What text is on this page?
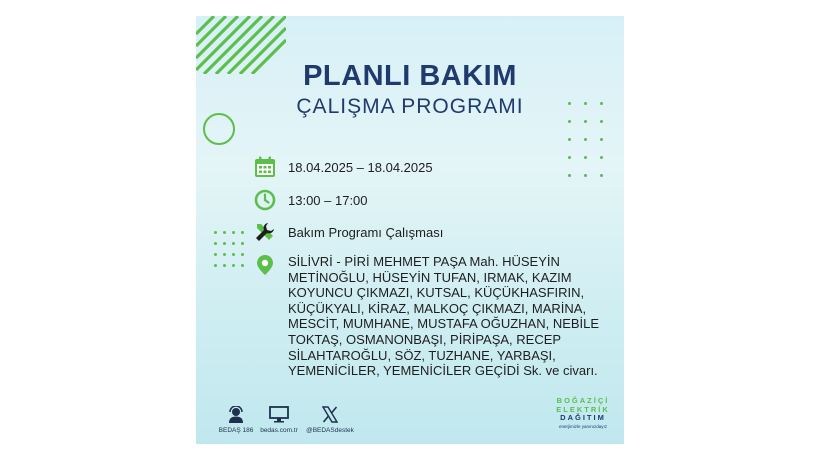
PLANLI BAKIM
ÇALIŞMA PROGRAMI
18.04.2025 – 18.04.2025
13:00 – 17:00
Bakım Programı Çalışması
SİLİVRİ - PİRİ MEHMET PAŞA Mah. HÜSEYİN METİNOĞLU, HÜSEYİN TUFAN, IRMAK, KAZIM KOYUNCU ÇIKMAZI, KUTSAL, KÜÇÜKHASFIRIN, KÜÇÜKYALI, KİRAZ, MALKOÇ ÇIKMAZI, MARİNA, MESCİT, MUMHANE, MUSTAFA OĞUZHAN, NEBİLE TOKTAŞ, OSMANONBAŞI, PİRİPAŞA, RECEP SİLAHTAROĞLU, SÖZ, TUZHANE, YARBAŞI, YEMENİCİLER, YEMENİCİLER GEÇİDİ Sk. ve civarı.
BEDAŞ 186	bedas.com.tr	@BEDASdestek
BOĞAZİÇİ
ELEKTRİK
DAĞITIM
enerjimizle yanınızdayız
